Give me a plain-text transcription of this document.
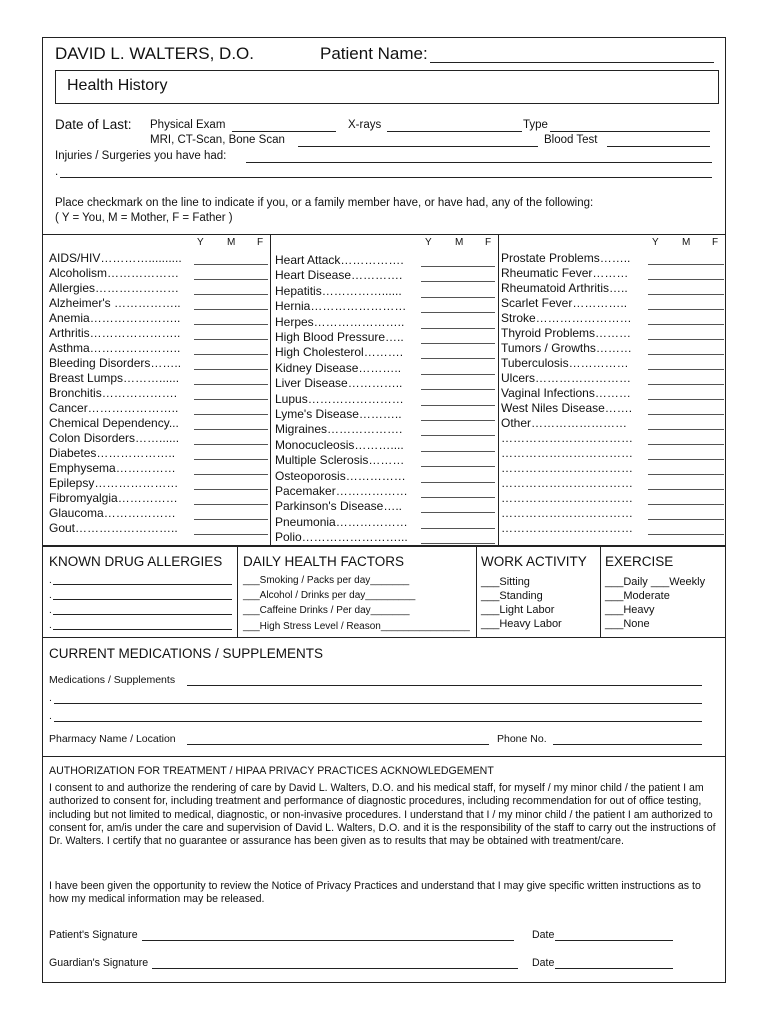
DAVID L. WALTERS, D.O.	Patient Name:
Health History
Date of Last: Physical Exam	X-rays	Type
MRI, CT-Scan, Bone Scan	Blood Test
Injuries / Surgeries you have had:
.
Place checkmark on the line to indicate if you, or a family member have, or have had, any of the following:
( Y = You, M = Mother, F = Father )
Y M F
AIDS/HIV…………..........
Alcoholism………………
Allergies…………………
Alzheimer's ……………..
Anemia…………………..
Arthritis…………………..
Asthma…………………..
Bleeding Disorders……..
Breast Lumps………......
Bronchitis……………….
Cancer…………………..
Chemical Dependency...
Colon Disorders……......
Diabetes………………..
Emphysema……………
Epilepsy…………………
Fibromyalgia……………
Glaucoma………………
Gout……………………..
Y M F
Heart Attack…………….
Heart Disease………….
Hepatitis……………......
Hernia……………………
Herpes…………………..
High Blood Pressure…..
High Cholesterol……….
Kidney Disease………..
Liver Disease…………..
Lupus……………………
Lyme's Disease………..
Migraines……………….
Monocucleosis………....
Multiple Sclerosis………
Osteoporosis……………
Pacemaker………………
Parkinson's Disease…..
Pneumonia………………
Polio……………………...
Y M F
Prostate Problems……..
Rheumatic Fever………
Rheumatoid Arthritis…..
Scarlet Fever…………..
Stroke……………………
Thyroid Problems………
Tumors / Growths………
Tuberculosis……………
Ulcers……………………
Vaginal Infections………
West Niles Disease…….
Other……………………
……………………………
……………………………
……………………………
……………………………
……………………………
……………………………
……………………………
KNOWN DRUG ALLERGIES
.
.
.
.
DAILY HEALTH FACTORS
___Smoking / Packs per day_______
___Alcohol / Drinks per day_________
___Caffeine Drinks / Per day_______
___High Stress Level / Reason________________
WORK ACTIVITY
___Sitting
___Standing
___Light Labor
___Heavy Labor
EXERCISE
___Daily ___Weekly
___Moderate
___Heavy
___None
CURRENT MEDICATIONS / SUPPLEMENTS
Medications / Supplements
.
.
Pharmacy Name / Location	Phone No.
AUTHORIZATION FOR TREATMENT / HIPAA PRIVACY PRACTICES ACKNOWLEDGEMENT
I consent to and authorize the rendering of care by David L. Walters, D.O. and his medical staff, for myself / my minor child / the patient I am authorized to consent for, including treatment and performance of diagnostic procedures, including recommendation for out of office testing, including but not limited to medical, diagnostic, or non-invasive procedures. I understand that I / my minor child / the patient I am authorized to consent for, am/is under the care and supervision of David L. Walters, D.O. and it is the responsibility of the staff to carry out the instructions of Dr. Walters. I certify that no guarantee or assurance has been given as to results that may be obtained with treatment/care.
I have been given the opportunity to review the Notice of Privacy Practices and understand that I may give specific written instructions as to how my medical information may be released.
Patient's Signature	Date
Guardian's Signature	Date
